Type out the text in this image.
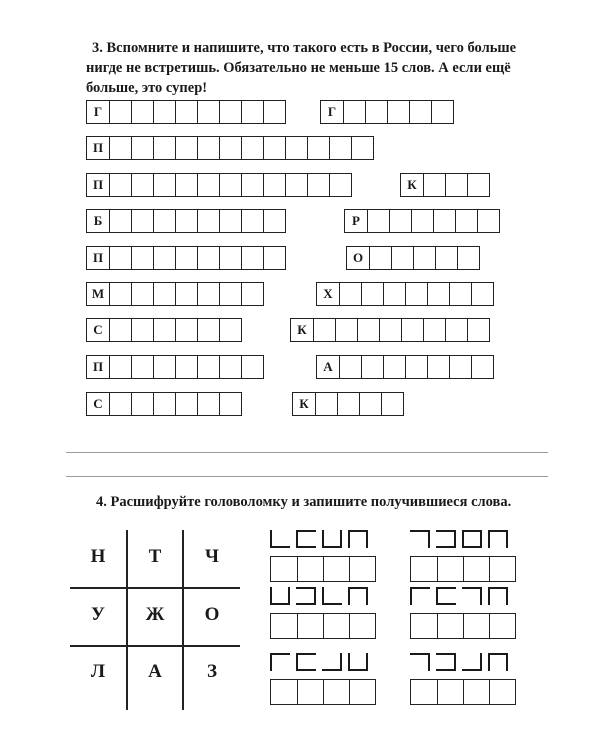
3. Вспомните и напишите, что такого есть в России, чего больше нигде не встретишь. Обязательно не меньше 15 слов. А если ещё больше, это супер!

Г	Г
П
П	К
Б	Р
П	О
М	Х
С	К
П	А
С	К

4. Расшифруйте головоломку и запишите получившиеся слова.

Н	Т	Ч
У	Ж	О
Л	А	З
